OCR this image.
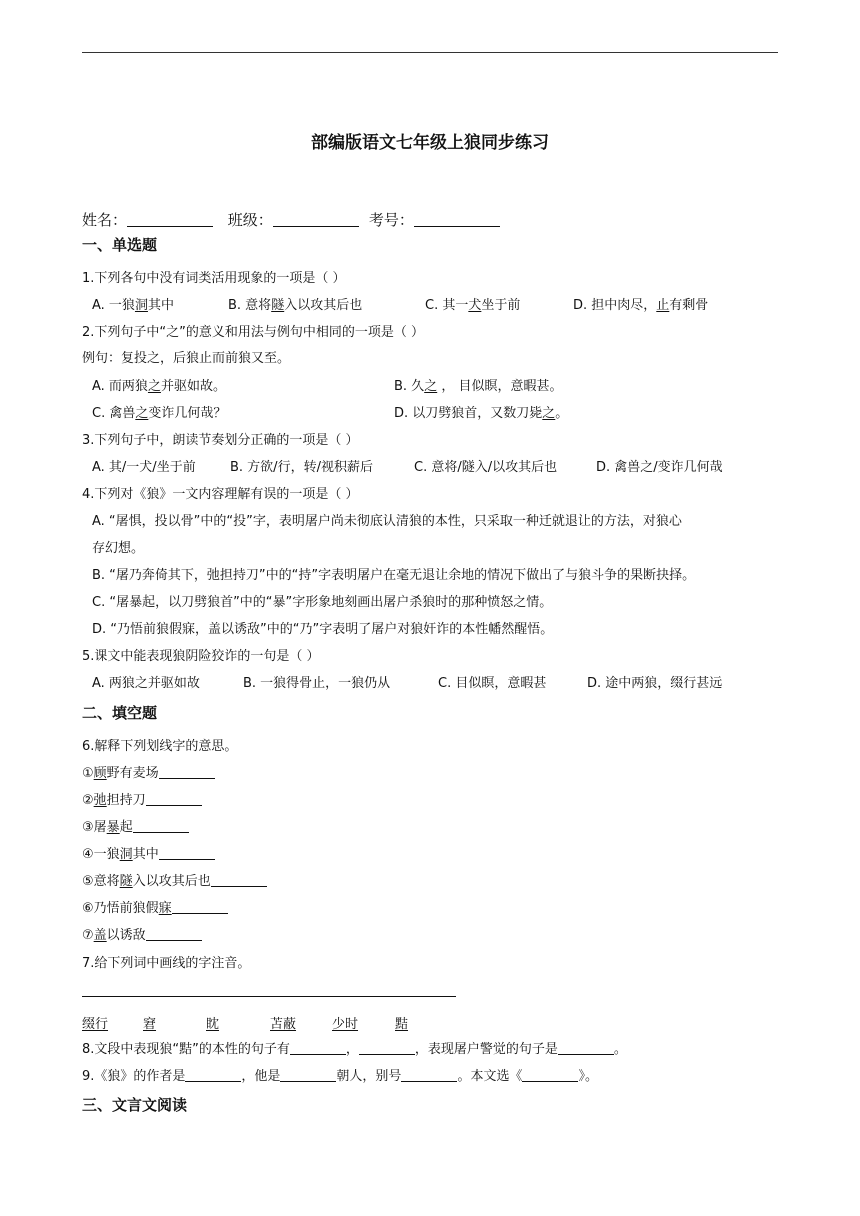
部编版语文七年级上狼同步练习
姓名：	班级：	考号：
一、单选题
1.下列各句中没有词类活用现象的一项是（ ）
A. 一狼洞其中	B. 意将隧入以攻其后也	C. 其一犬坐于前	D. 担中肉尽，止有剩骨
2.下列句子中“之”的意义和用法与例句中相同的一项是（ ）
例句：复投之，后狼止而前狼又至。
A. 而两狼之并驱如故。	B. 久之 ， 目似瞑，意暇甚。
C. 禽兽之变诈几何哉？	D. 以刀劈狼首，又数刀毙之。
3.下列句子中，朗读节奏划分正确的一项是（ ）
A. 其/一犬/坐于前	B. 方欲/行，转/视积薪后	C. 意将/隧入/以攻其后也	D. 禽兽之/变诈几何哉
4.下列对《狼》一文内容理解有误的一项是（ ）
A. “屠惧，投以骨”中的“投”字，表明屠户尚未彻底认清狼的本性，只采取一种迁就退让的方法，对狼心
存幻想。
B. “屠乃奔倚其下，弛担持刀”中的“持”字表明屠户在毫无退让余地的情况下做出了与狼斗争的果断抉择。
C. “屠暴起，以刀劈狼首”中的“暴”字形象地刻画出屠户杀狼时的那种愤怒之情。
D. “乃悟前狼假寐，盖以诱敌”中的“乃”字表明了屠户对狼奸诈的本性幡然醒悟。
5.课文中能表现狼阴险狡诈的一句是（ ）
A. 两狼之并驱如故	B. 一狼得骨止，一狼仍从	C. 目似瞑，意暇甚	D. 途中两狼，缀行甚远
二、填空题
6.解释下列划线字的意思。
①顾野有麦场
②弛担持刀
③屠暴起
④一狼洞其中
⑤意将隧入以攻其后也
⑥乃悟前狼假寐
⑦盖以诱敌
7.给下列词中画线的字注音。
缀行	窘	眈	苫蔽	少时	黠
8.文段中表现狼“黠”的本性的句子有	，	，表现屠户警觉的句子是	。
9.《狼》的作者是	，他是	朝人，别号	。本文选《	》。
三、文言文阅读
